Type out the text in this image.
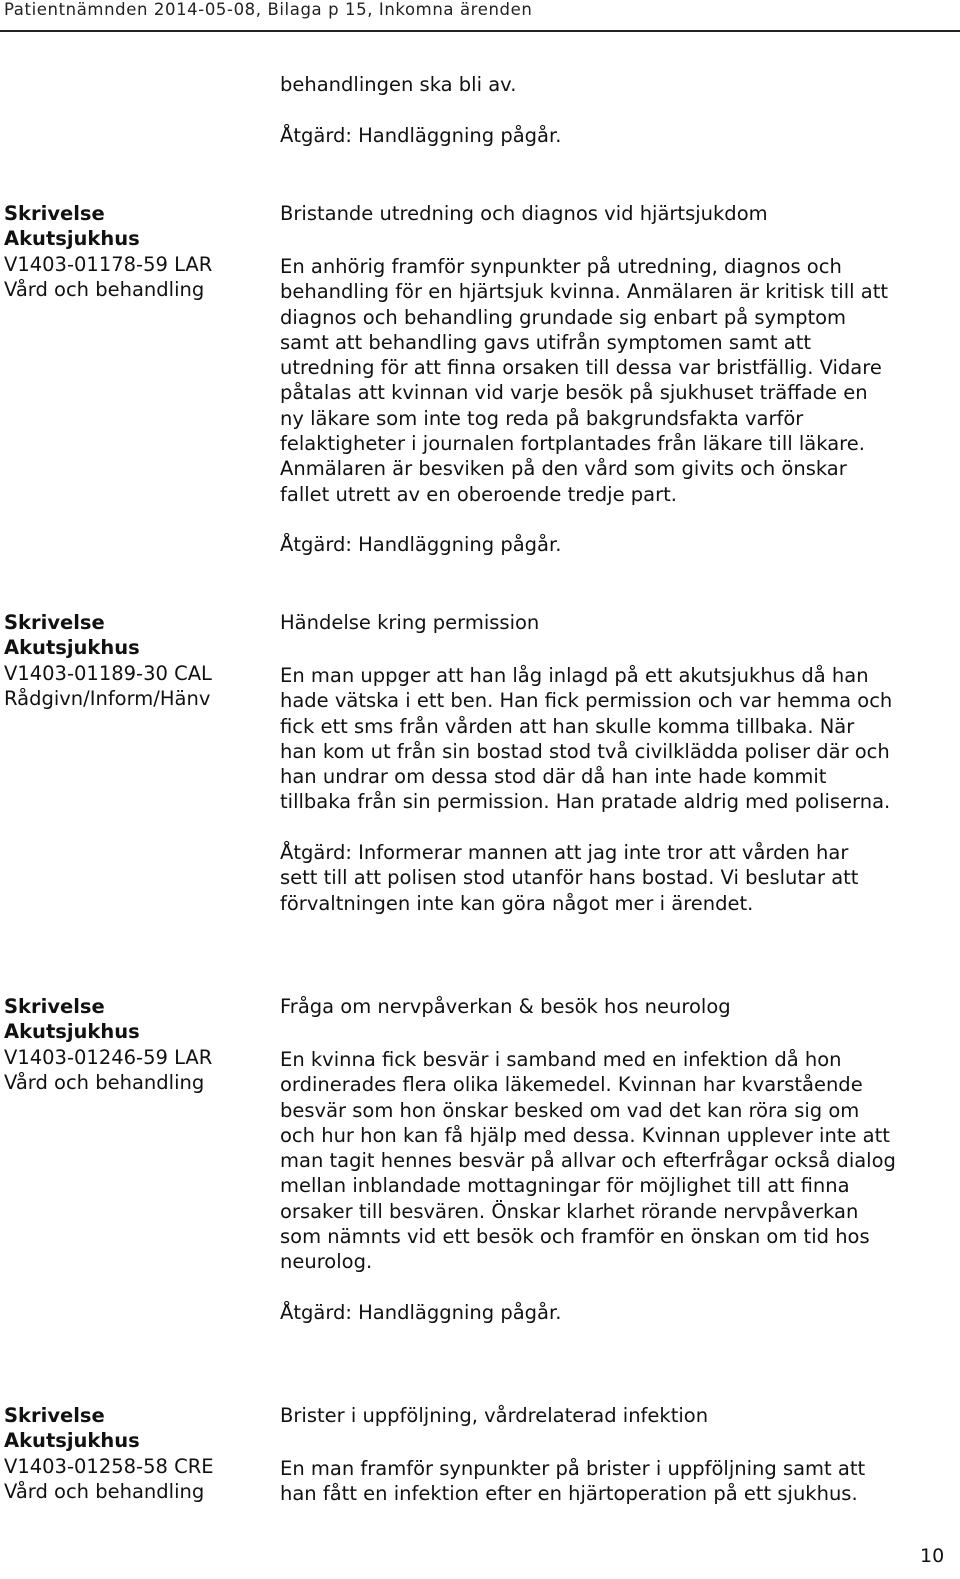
Patientnämnden 2014-05-08, Bilaga p 15, Inkomna ärenden
behandlingen ska bli av.
Åtgärd: Handläggning pågår.
Skrivelse
Akutsjukhus
V1403-01178-59 LAR
Vård och behandling
Bristande utredning och diagnos vid hjärtsjukdom
En anhörig framför synpunkter på utredning, diagnos och
behandling för en hjärtsjuk kvinna. Anmälaren är kritisk till att
diagnos och behandling grundade sig enbart på symptom
samt att behandling gavs utifrån symptomen samt att
utredning för att finna orsaken till dessa var bristfällig. Vidare
påtalas att kvinnan vid varje besök på sjukhuset träffade en
ny läkare som inte tog reda på bakgrundsfakta varför
felaktigheter i journalen fortplantades från läkare till läkare.
Anmälaren är besviken på den vård som givits och önskar
fallet utrett av en oberoende tredje part.
Åtgärd: Handläggning pågår.
Skrivelse
Akutsjukhus
V1403-01189-30 CAL
Rådgivn/Inform/Hänv
Händelse kring permission
En man uppger att han låg inlagd på ett akutsjukhus då han
hade vätska i ett ben. Han fick permission och var hemma och
fick ett sms från vården att han skulle komma tillbaka. När
han kom ut från sin bostad stod två civilklädda poliser där och
han undrar om dessa stod där då han inte hade kommit
tillbaka från sin permission. Han pratade aldrig med poliserna.
Åtgärd: Informerar mannen att jag inte tror att vården har
sett till att polisen stod utanför hans bostad. Vi beslutar att
förvaltningen inte kan göra något mer i ärendet.
Skrivelse
Akutsjukhus
V1403-01246-59 LAR
Vård och behandling
Fråga om nervpåverkan & besök hos neurolog
En kvinna fick besvär i samband med en infektion då hon
ordinerades flera olika läkemedel. Kvinnan har kvarstående
besvär som hon önskar besked om vad det kan röra sig om
och hur hon kan få hjälp med dessa. Kvinnan upplever inte att
man tagit hennes besvär på allvar och efterfrågar också dialog
mellan inblandade mottagningar för möjlighet till att finna
orsaker till besvären. Önskar klarhet rörande nervpåverkan
som nämnts vid ett besök och framför en önskan om tid hos
neurolog.
Åtgärd: Handläggning pågår.
Skrivelse
Akutsjukhus
V1403-01258-58 CRE
Vård och behandling
Brister i uppföljning, vårdrelaterad infektion
En man framför synpunkter på brister i uppföljning samt att
han fått en infektion efter en hjärtoperation på ett sjukhus.
10
